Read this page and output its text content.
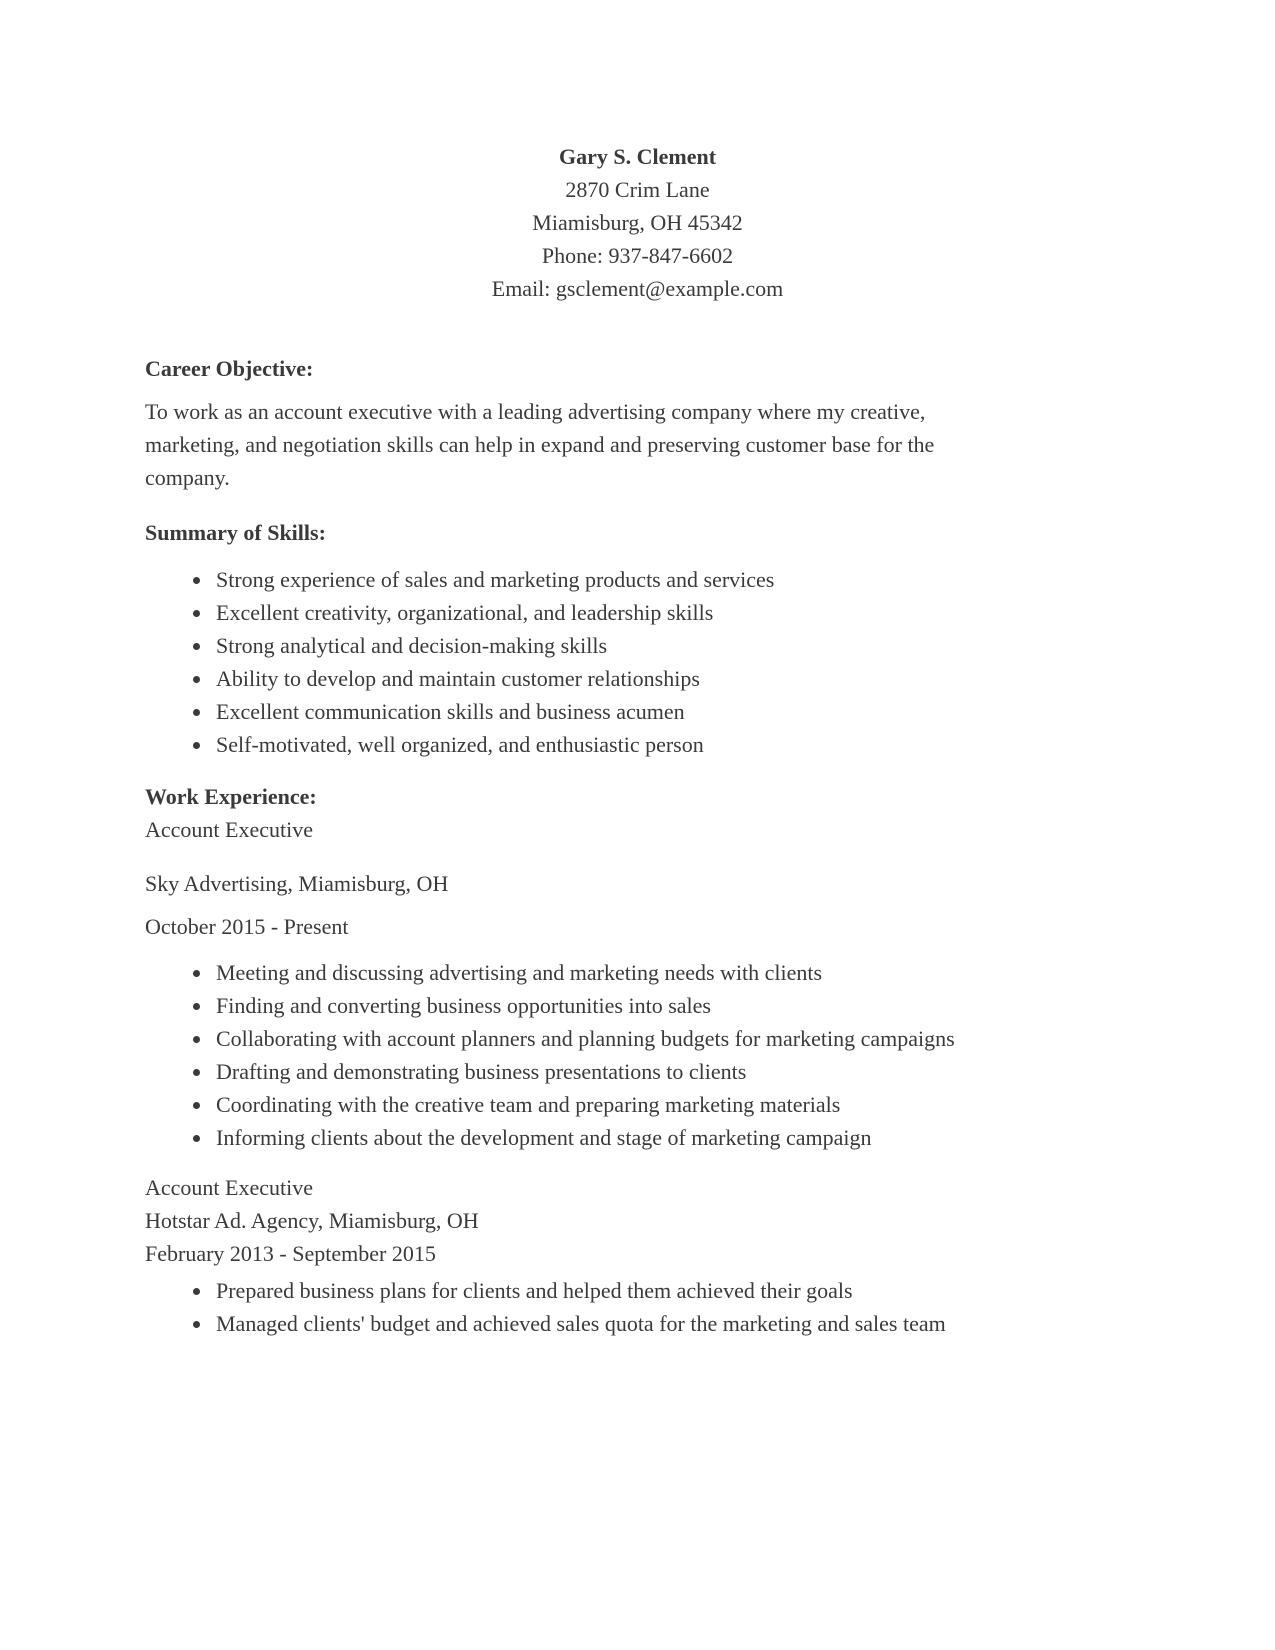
Gary S. Clement
2870 Crim Lane
Miamisburg, OH 45342
Phone: 937-847-6602
Email: gsclement@example.com
Career Objective:

To work as an account executive with a leading advertising company where my creative, marketing, and negotiation skills can help in expand and preserving customer base for the company.

Summary of Skills:
• Strong experience of sales and marketing products and services
• Excellent creativity, organizational, and leadership skills
• Strong analytical and decision-making skills
• Ability to develop and maintain customer relationships
• Excellent communication skills and business acumen
• Self-motivated, well organized, and enthusiastic person
Work Experience:
Account Executive
Sky Advertising, Miamisburg, OH
October 2015 - Present
• Meeting and discussing advertising and marketing needs with clients
• Finding and converting business opportunities into sales
• Collaborating with account planners and planning budgets for marketing campaigns
• Drafting and demonstrating business presentations to clients
• Coordinating with the creative team and preparing marketing materials
• Informing clients about the development and stage of marketing campaign
Account Executive
Hotstar Ad. Agency, Miamisburg, OH
February 2013 - September 2015
• Prepared business plans for clients and helped them achieved their goals
• Managed clients' budget and achieved sales quota for the marketing and sales team
